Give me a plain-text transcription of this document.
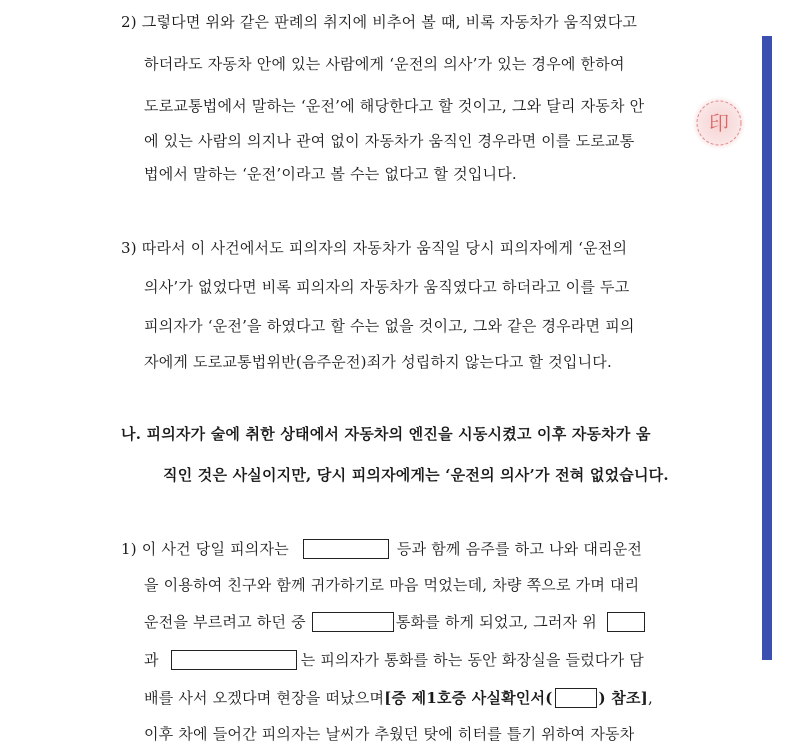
2) 그렇다면 위와 같은 판례의 취지에 비추어 볼 때, 비록 자동차가 움직였다고
하더라도 자동차 안에 있는 사람에게 ‘운전의 의사’가 있는 경우에 한하여
도로교통법에서 말하는 ‘운전’에 해당한다고 할 것이고, 그와 달리 자동차 안
에 있는 사람의 의지나 관여 없이 자동차가 움직인 경우라면 이를 도로교통
법에서 말하는 ‘운전’이라고 볼 수는 없다고 할 것입니다.
3) 따라서 이 사건에서도 피의자의 자동차가 움직일 당시 피의자에게 ‘운전의
의사’가 없었다면 비록 피의자의 자동차가 움직였다고 하더라고 이를 두고
피의자가 ‘운전’을 하였다고 할 수는 없을 것이고, 그와 같은 경우라면 피의
자에게 도로교통법위반(음주운전)죄가 성립하지 않는다고 할 것입니다.
나. 피의자가 술에 취한 상태에서 자동차의 엔진을 시동시켰고 이후 자동차가 움
직인 것은 사실이지만, 당시 피의자에게는 ‘운전의 의사’가 전혀 없었습니다.
1) 이 사건 당일 피의자는	등과 함께 음주를 하고 나와 대리운전
을 이용하여 친구와 함께 귀가하기로 마음 먹었는데, 차량 쪽으로 가며 대리
운전을 부르려고 하던 중	통화를 하게 되었고, 그러자 위
과	는 피의자가 통화를 하는 동안 화장실을 들렀다가 담
배를 사서 오겠다며 현장을 떠났으며 [증 제1호증 사실확인서(	) 참조] ,
이후 차에 들어간 피의자는 날씨가 추웠던 탓에 히터를 틀기 위하여 자동차
印
